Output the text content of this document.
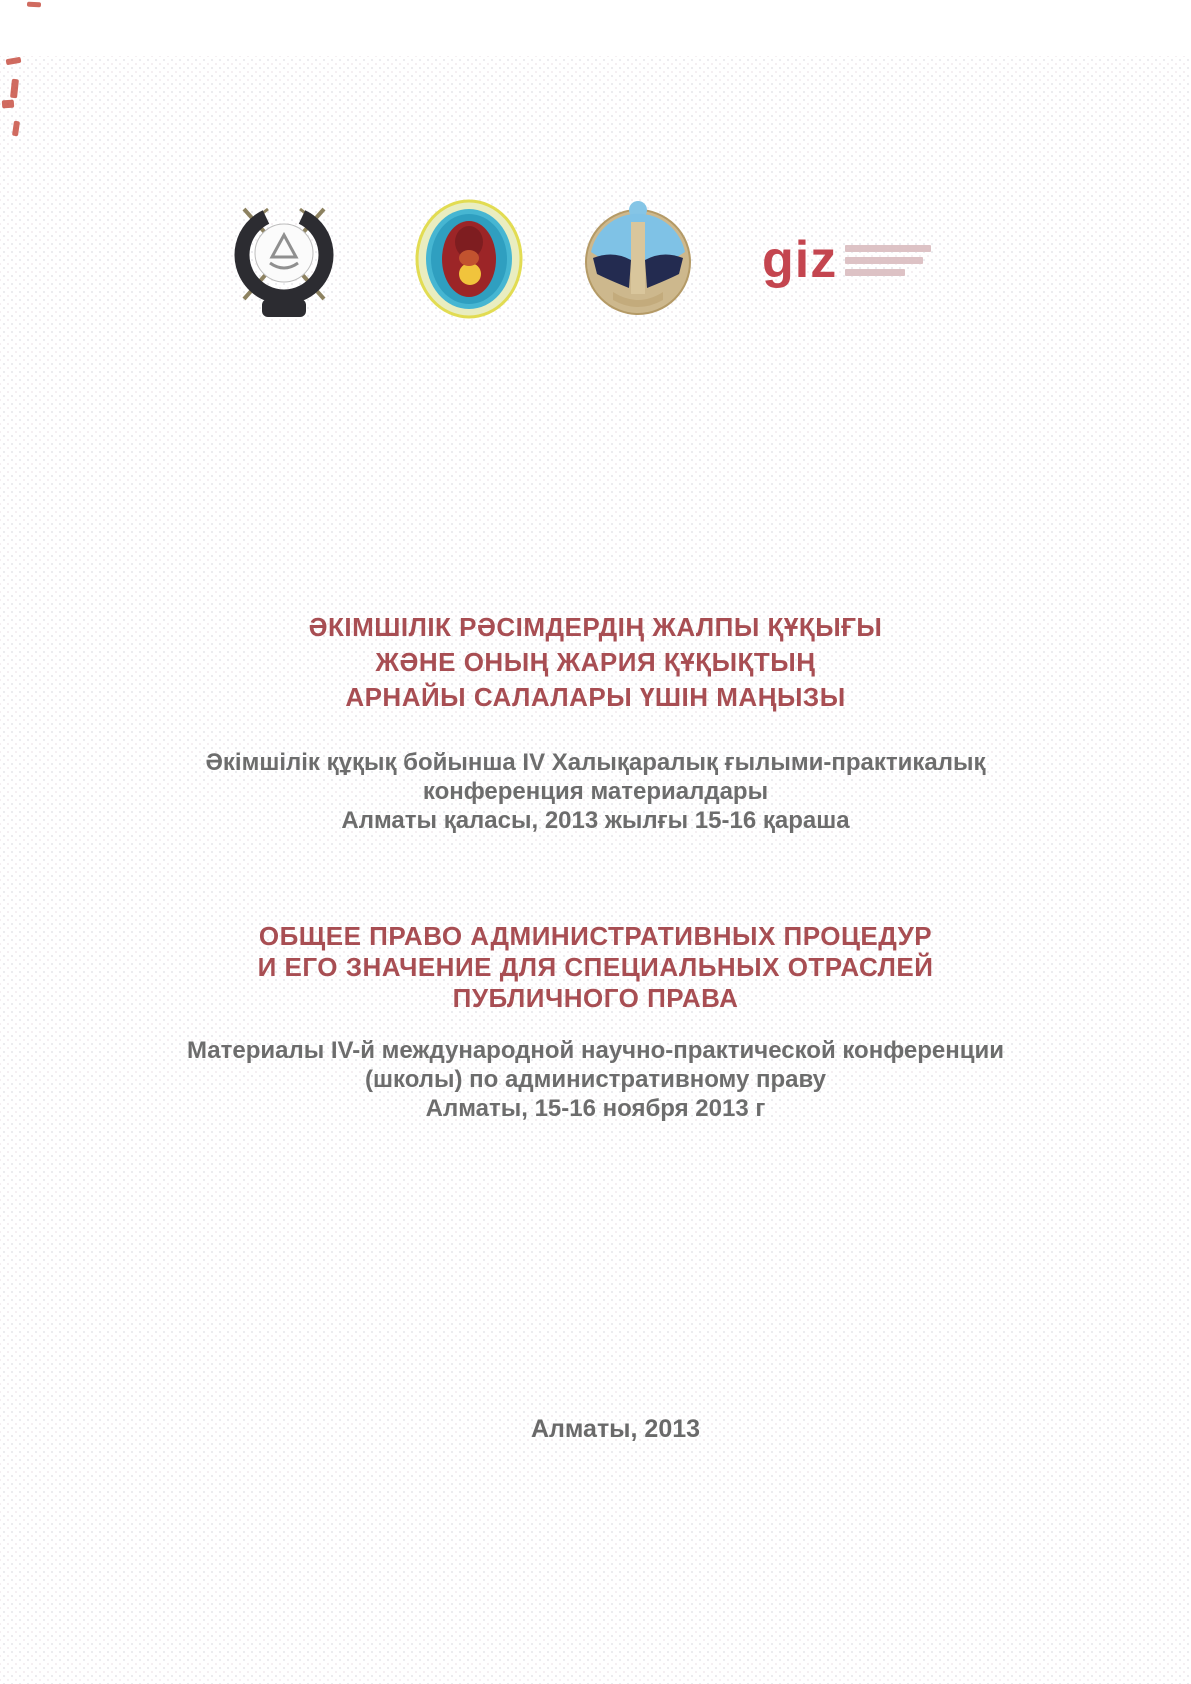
giz
ӘКІМШІЛІК РӘСІМДЕРДІҢ ЖАЛПЫ ҚҰҚЫҒЫ
ЖӘНЕ ОНЫҢ ЖАРИЯ ҚҰҚЫҚТЫҢ
АРНАЙЫ САЛАЛАРЫ ҮШІН МАҢЫЗЫ
Әкімшілік құқық бойынша IV Халықаралық ғылыми-практикалық
конференция материалдары
Алматы қаласы, 2013 жылғы 15-16 қараша
ОБЩЕЕ ПРАВО АДМИНИСТРАТИВНЫХ ПРОЦЕДУР
И ЕГО ЗНАЧЕНИЕ ДЛЯ СПЕЦИАЛЬНЫХ ОТРАСЛЕЙ
ПУБЛИЧНОГО ПРАВА
Материалы IV-й международной научно-практической конференции
(школы) по административному праву
Алматы, 15-16 ноября 2013 г
Алматы, 2013
